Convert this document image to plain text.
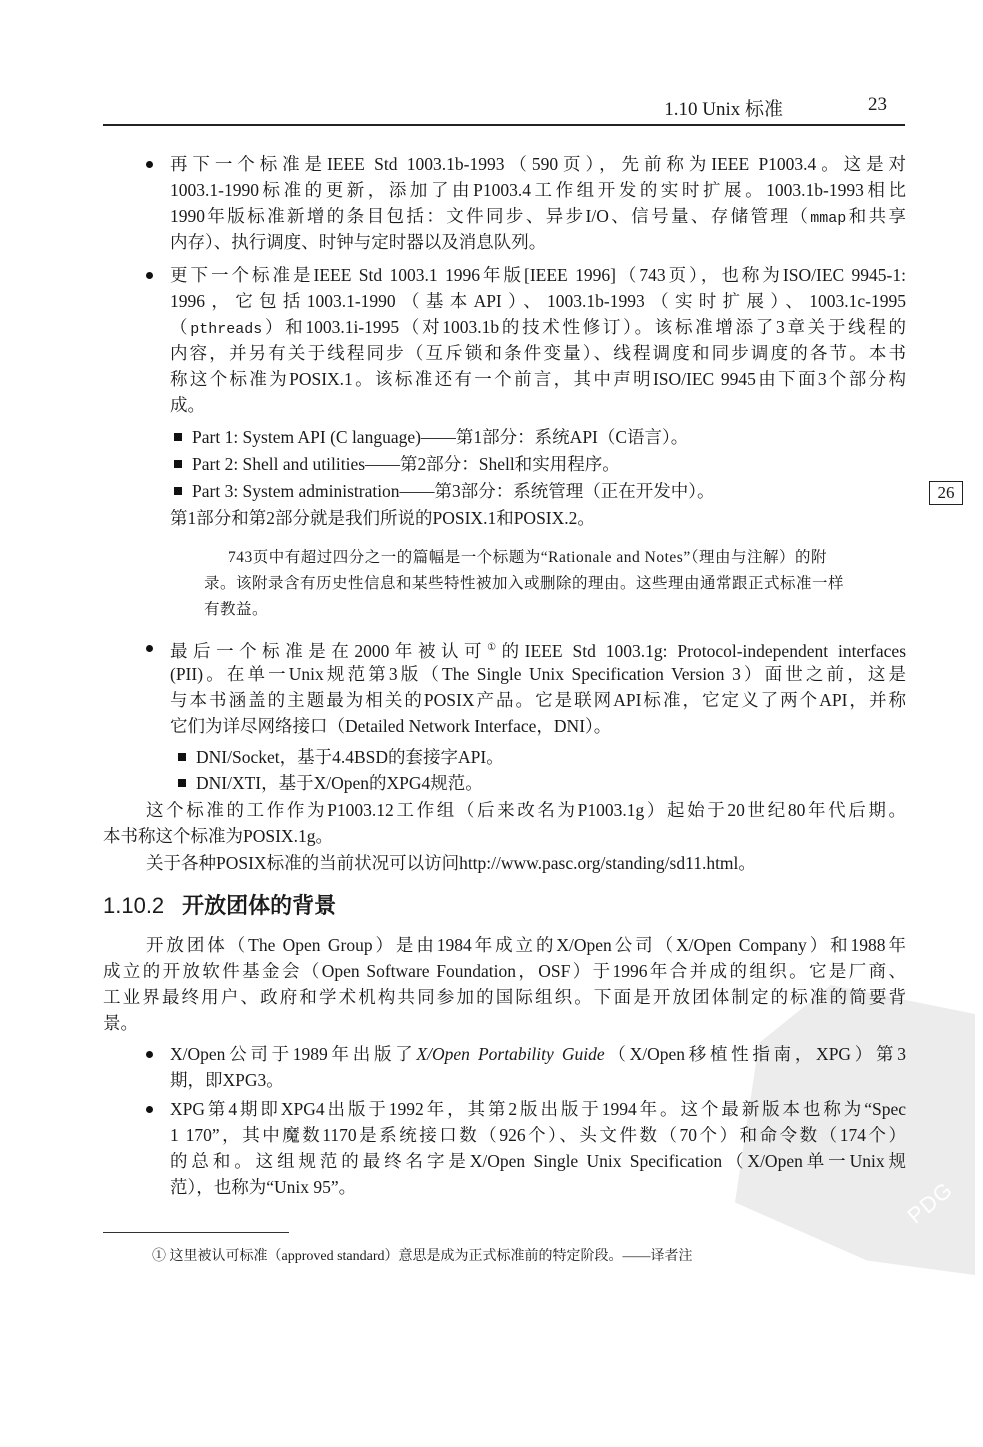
PDG
1.10 Unix 标准	23
再下一个标准是IEEE Std 1003.1b-1993（590页），先前称为IEEE P1003.4。这是对
1003.1-1990标准的更新，添加了由P1003.4工作组开发的实时扩展。1003.1b-1993相比
1990年版标准新增的条目包括：文件同步、异步I/O、信号量、存储管理（mmap和共享
内存）、执行调度、时钟与定时器以及消息队列。
更下一个标准是IEEE Std 1003.1 1996年版[IEEE 1996]（743页），也称为ISO/IEC 9945-1:
1996，它包括1003.1-1990（基本API）、1003.1b-1993（实时扩展）、1003.1c-1995
（pthreads）和1003.1i-1995（对1003.1b的技术性修订）。该标准增添了3章关于线程的
内容，并另有关于线程同步（互斥锁和条件变量）、线程调度和同步调度的各节。本书
称这个标准为POSIX.1。该标准还有一个前言，其中声明ISO/IEC 9945由下面3个部分构
成。
Part 1: System API (C language)——第1部分：系统API（C语言）。
Part 2: Shell and utilities——第2部分：Shell和实用程序。
Part 3: System administration——第3部分：系统管理（正在开发中）。	26
第1部分和第2部分就是我们所说的POSIX.1和POSIX.2。
743页中有超过四分之一的篇幅是一个标题为“Rationale and Notes”（理由与注解）的附
录。该附录含有历史性信息和某些特性被加入或删除的理由。这些理由通常跟正式标准一样
有教益。
最后一个标准是在2000年被认可①的IEEE Std 1003.1g: Protocol-independent interfaces
(PII)。在单一Unix规范第3版（The Single Unix Specification Version 3）面世之前，这是
与本书涵盖的主题最为相关的POSIX产品。它是联网API标准，它定义了两个API，并称
它们为详尽网络接口（Detailed Network Interface，DNI）。
DNI/Socket，基于4.4BSD的套接字API。
DNI/XTI，基于X/Open的XPG4规范。
这个标准的工作作为P1003.12工作组（后来改名为P1003.1g）起始于20世纪80年代后期。
本书称这个标准为POSIX.1g。
关于各种POSIX标准的当前状况可以访问http://www.pasc.org/standing/sd11.html。
1.10.2 开放团体的背景
开放团体（The Open Group）是由1984年成立的X/Open公司（X/Open Company）和1988年
成立的开放软件基金会（Open Software Foundation，OSF）于1996年合并成的组织。它是厂商、
工业界最终用户、政府和学术机构共同参加的国际组织。下面是开放团体制定的标准的简要背
景。
X/Open公司于1989年出版了X/Open Portability Guide（X/Open移植性指南，XPG）第3
期，即XPG3。
XPG第4期即XPG4出版于1992年，其第2版出版于1994年。这个最新版本也称为“Spec
1 170”，其中魔数1170是系统接口数（926个）、头文件数（70个）和命令数（174个）
的总和。这组规范的最终名字是X/Open Single Unix Specification（X/Open单一Unix规
范），也称为“Unix 95”。
① 这里被认可标准（approved standard）意思是成为正式标准前的特定阶段。——译者注
